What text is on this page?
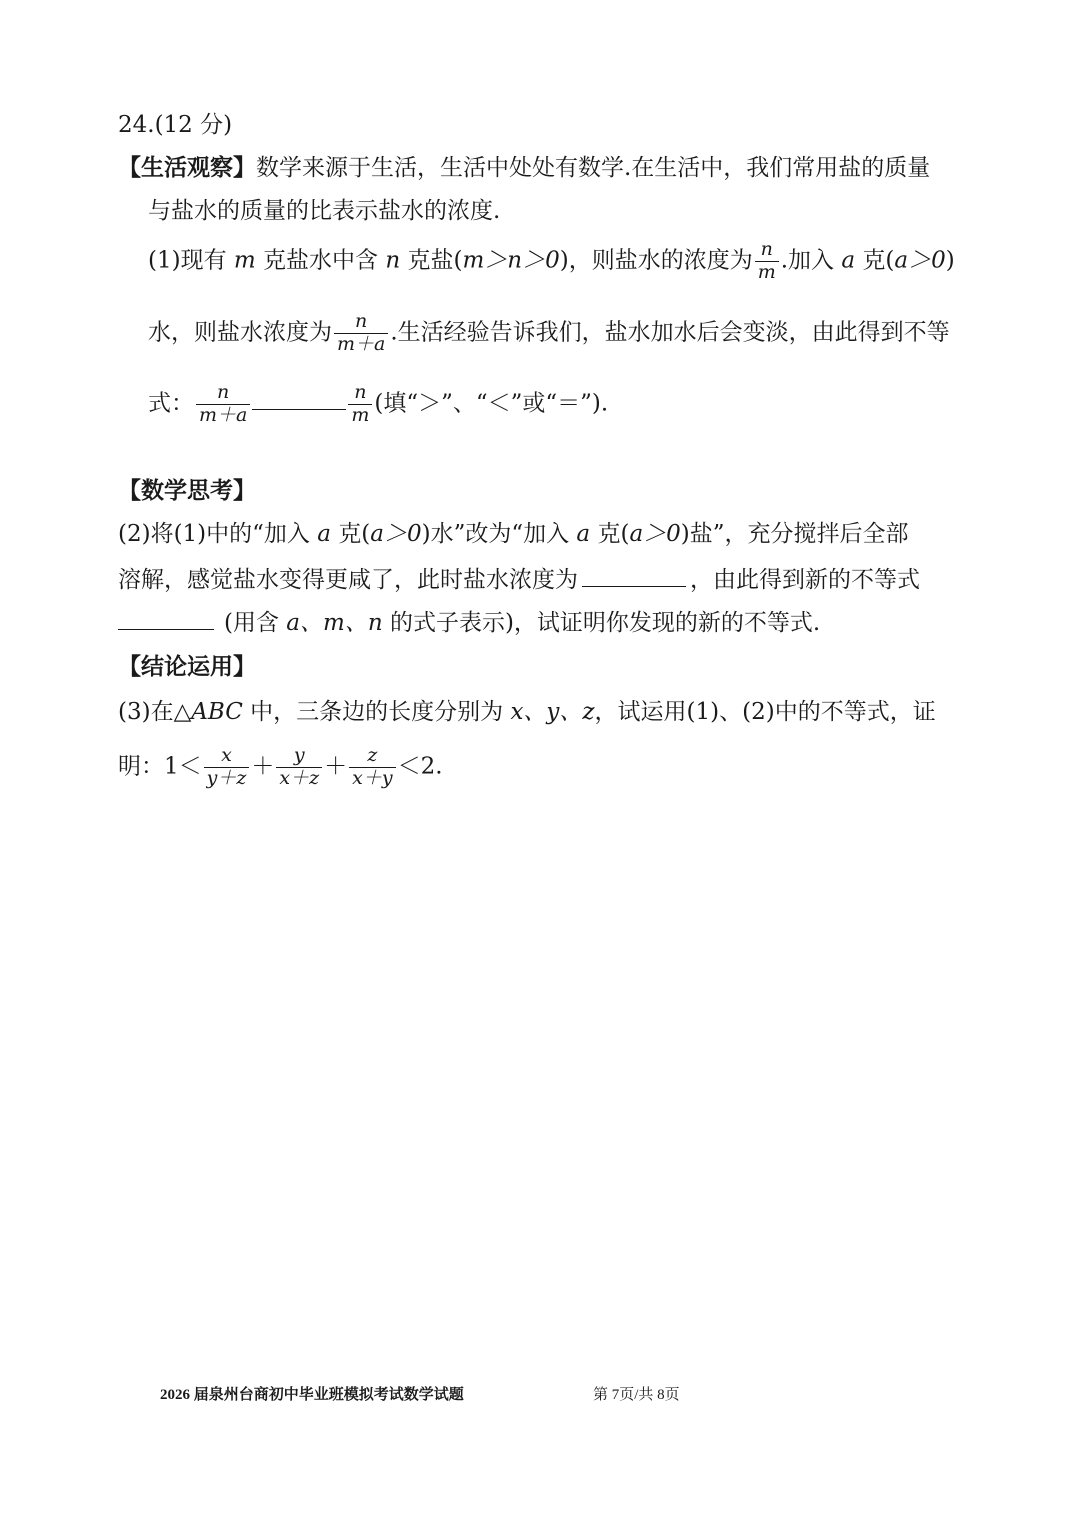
24.(12 分)
【生活观察】数学来源于生活，生活中处处有数学.在生活中，我们常用盐的质量
与盐水的质量的比表示盐水的浓度.
(1)现有 m 克盐水中含 n 克盐(m＞n＞0)，则盐水的浓度为 $\frac{n}{m}$ .加入 a 克(a＞0)
水，则盐水浓度为 $\frac{n}{m+a}$ .生活经验告诉我们，盐水加水后会变淡，由此得到不等
式： $\frac{n}{m+a}$	$\frac{n}{m}$ (填“＞”、“＜”或“＝”).
【数学思考】
(2)将(1)中的“加入 a 克(a＞0)水”改为“加入 a 克(a＞0)盐”，充分搅拌后全部
溶解，感觉盐水变得更咸了，此时盐水浓度为	，由此得到新的不等式
(用含 a、m、n 的式子表示)，试证明你发现的新的不等式.
【结论运用】
(3)在△ABC 中，三条边的长度分别为 x、y、z，试运用(1)、(2)中的不等式，证
明：$1< \frac{x}{y+z} + \frac{y}{x+z} + \frac{z}{x+y} <2$.
2026 届泉州台商初中毕业班模拟考试数学试题	第 7页/共 8页
